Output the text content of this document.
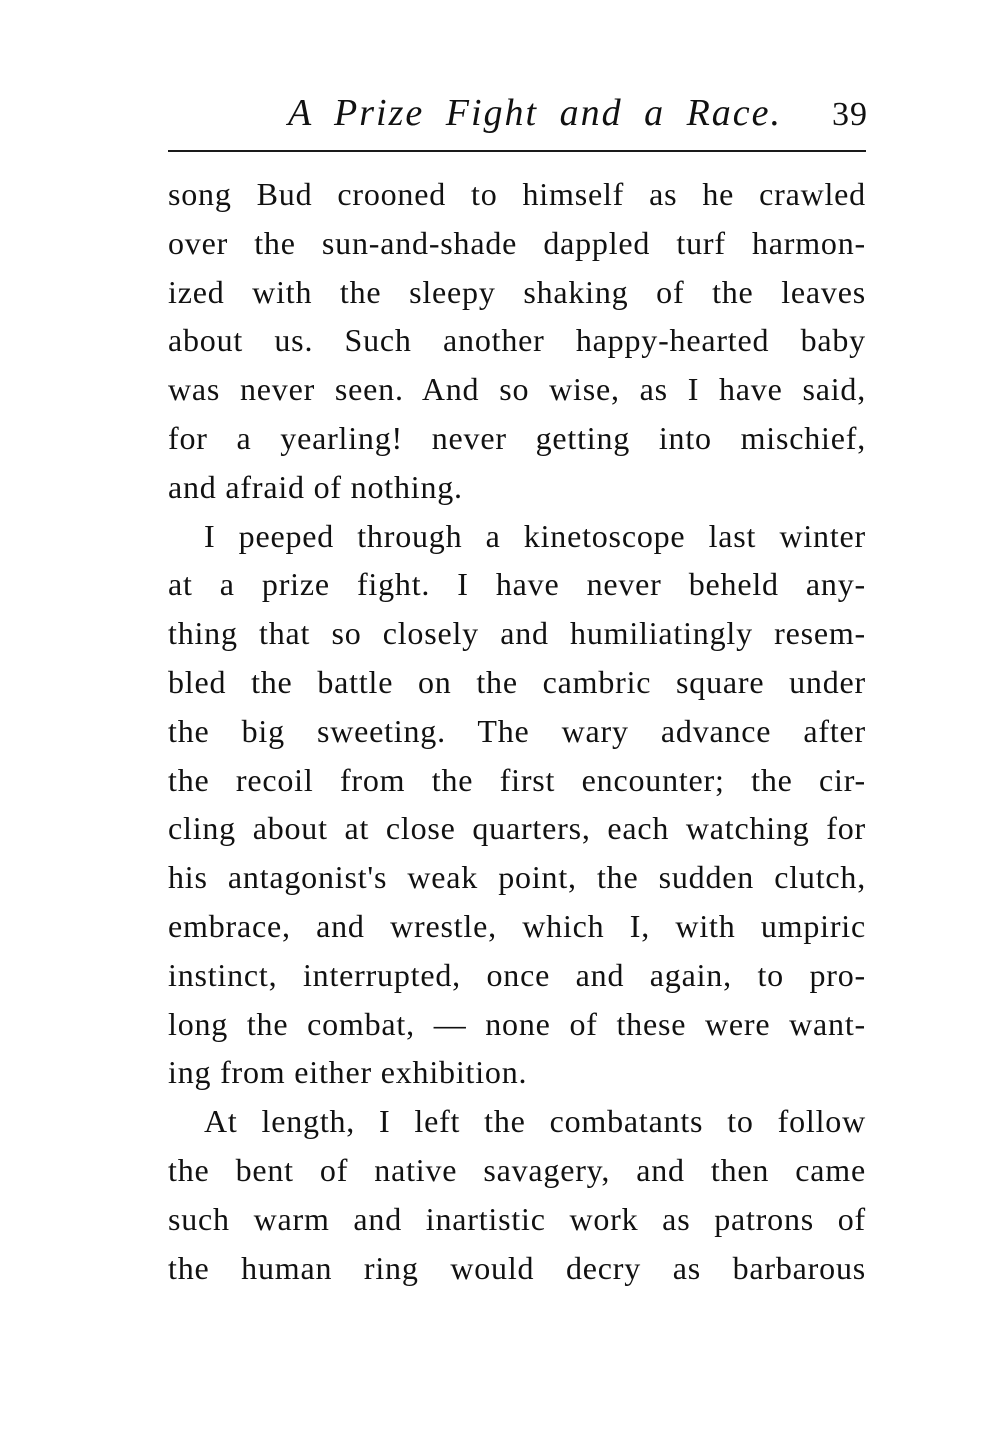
A Prize Fight and a Race. 39
song Bud crooned to himself as he crawled
over the sun-and-shade dappled turf harmon-
ized with the sleepy shaking of the leaves
about us. Such another happy-hearted baby
was never seen. And so wise, as I have said,
for a yearling! never getting into mischief,
and afraid of nothing.
I peeped through a kinetoscope last winter
at a prize fight. I have never beheld any-
thing that so closely and humiliatingly resem-
bled the battle on the cambric square under
the big sweeting. The wary advance after
the recoil from the first encounter; the cir-
cling about at close quarters, each watching for
his antagonist's weak point, the sudden clutch,
embrace, and wrestle, which I, with umpiric
instinct, interrupted, once and again, to pro-
long the combat, — none of these were want-
ing from either exhibition.
At length, I left the combatants to follow
the bent of native savagery, and then came
such warm and inartistic work as patrons of
the human ring would decry as barbarous
